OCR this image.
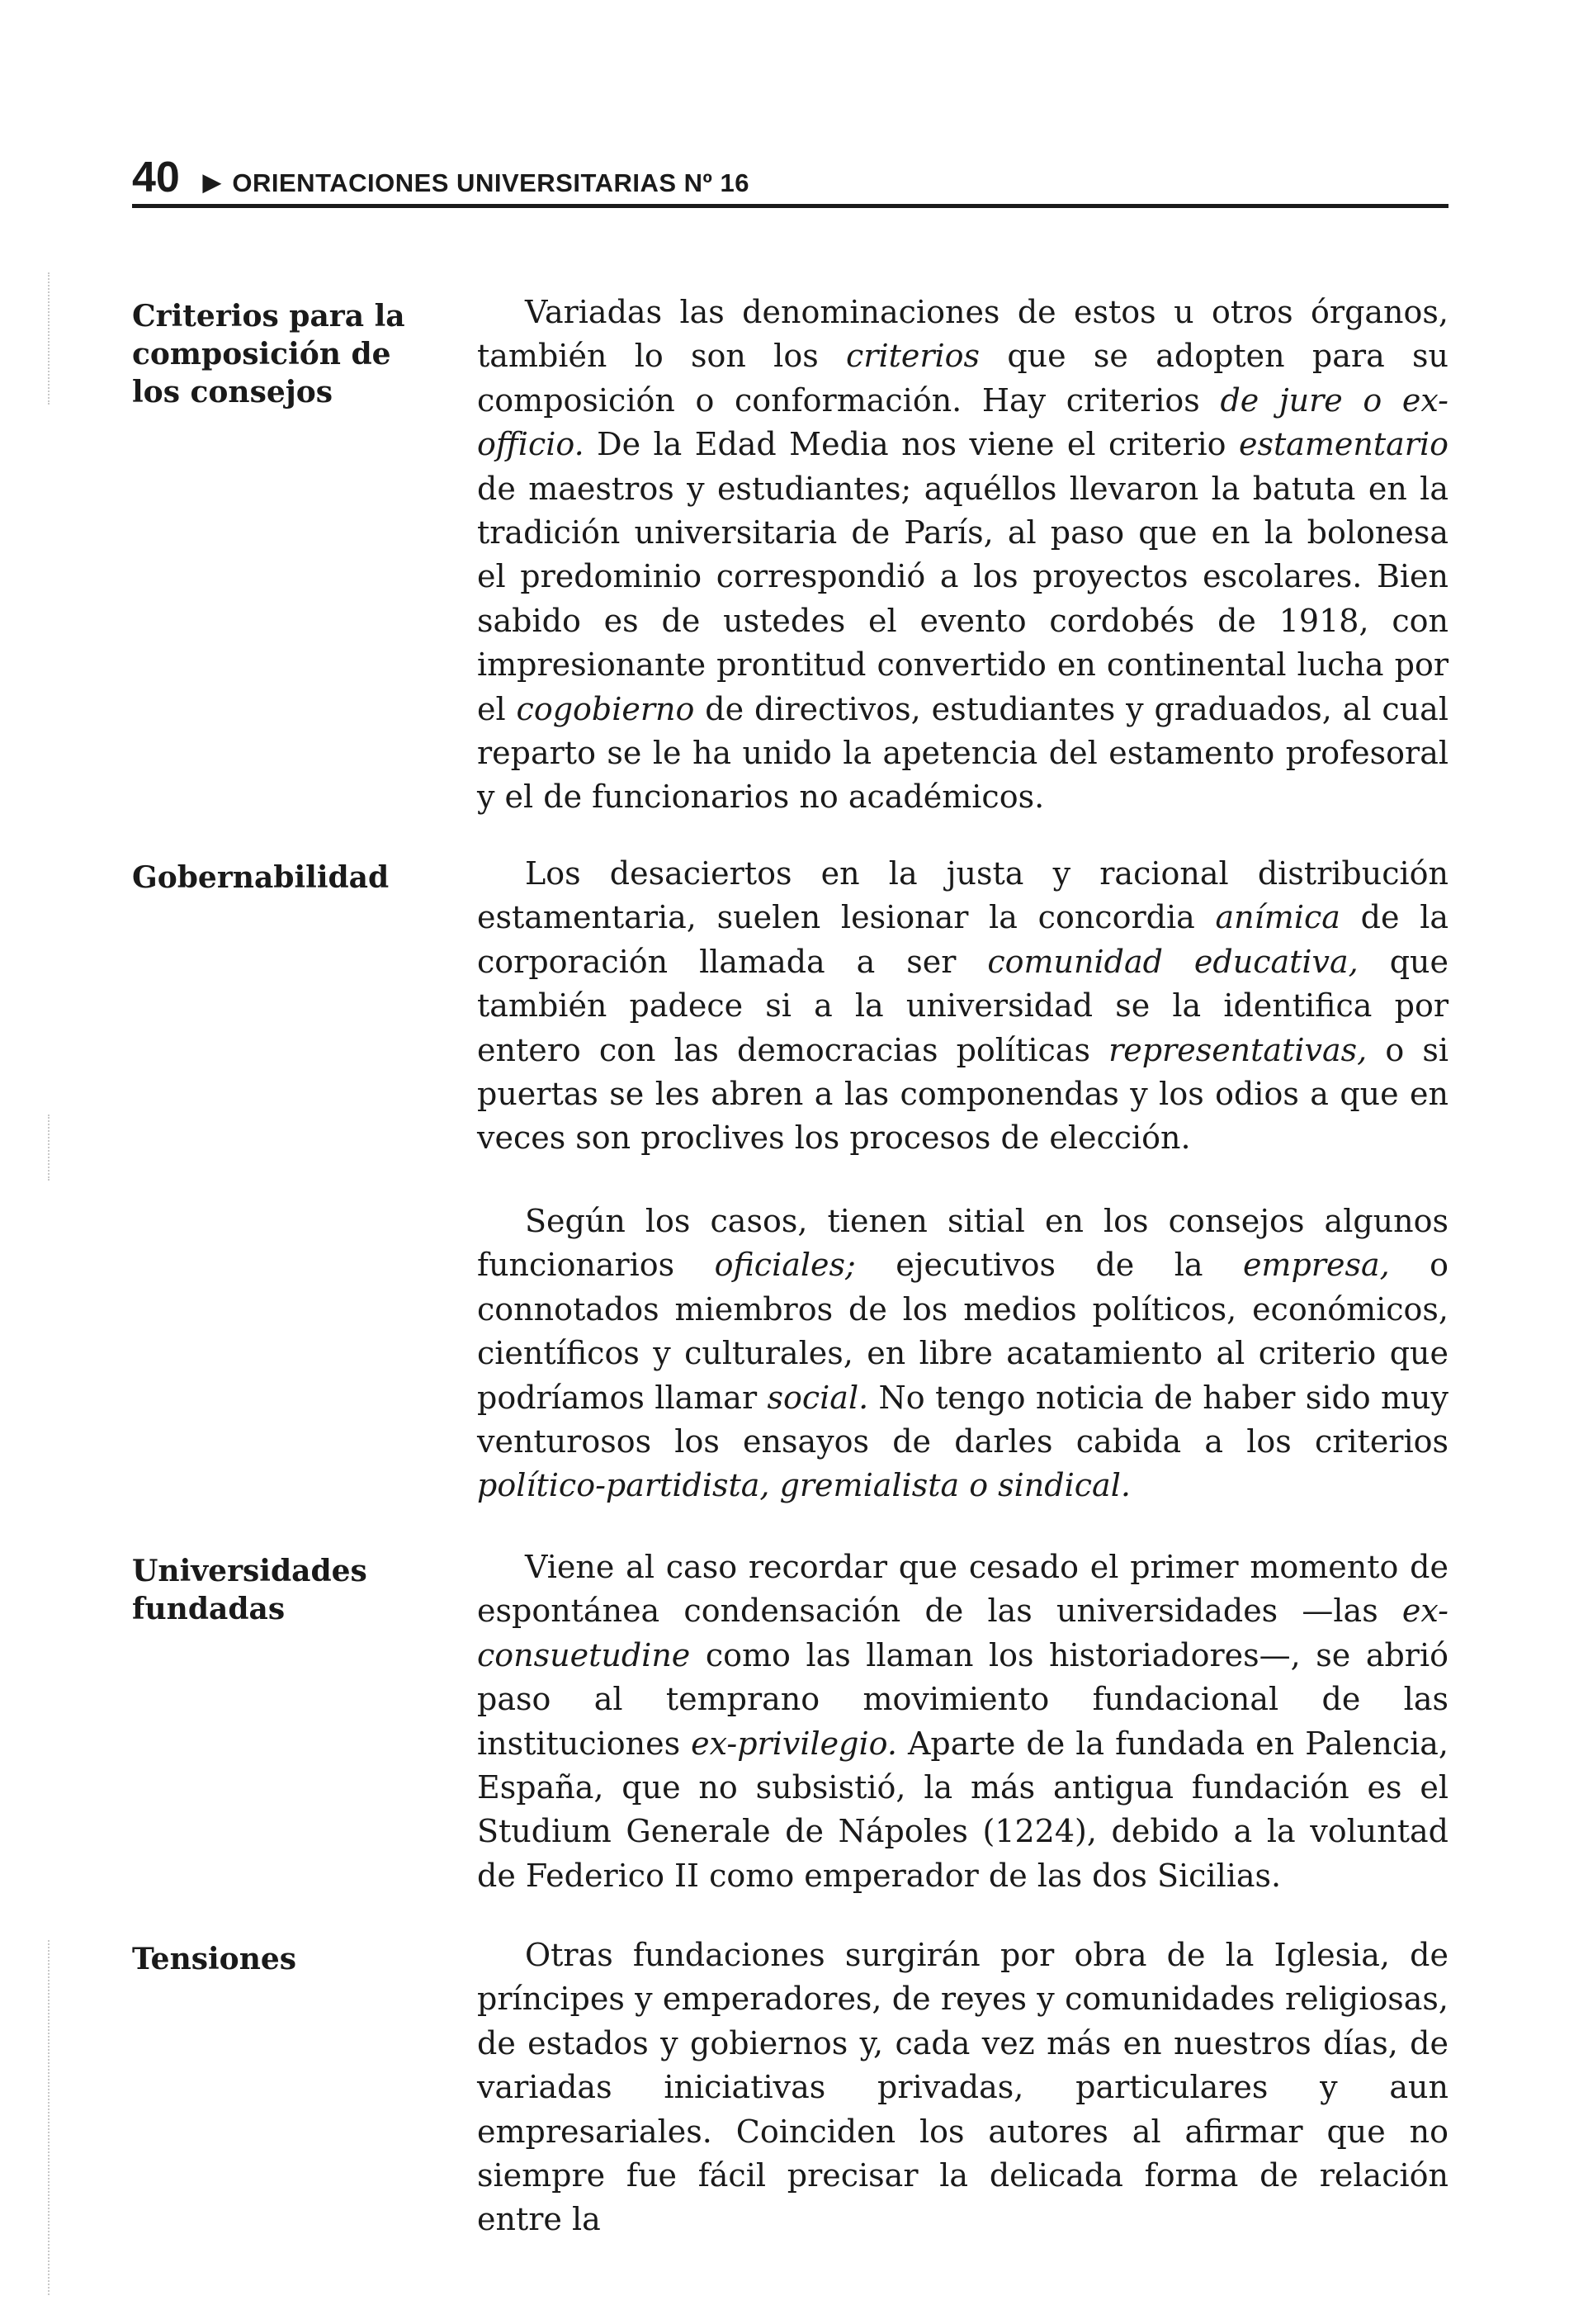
40 ▶ ORIENTACIONES UNIVERSITARIAS Nº 16
Criterios para la composición de los consejos

Variadas las denominaciones de estos u otros órganos, también lo son los criterios que se adopten para su composición o conformación. Hay criterios de jure o ex-officio. De la Edad Media nos viene el criterio estamentario de maestros y estudiantes; aquéllos llevaron la batuta en la tradición universitaria de París, al paso que en la bolonesa el predominio correspondió a los proyectos escolares. Bien sabido es de ustedes el evento cordobés de 1918, con impresionante prontitud convertido en continental lucha por el cogobierno de directivos, estudiantes y graduados, al cual reparto se le ha unido la apetencia del estamento profesoral y el de funcionarios no académicos.

Gobernabilidad	Los desaciertos en la justa y racional distribución estamentaria, suelen lesionar la concordia anímica de la corporación llamada a ser comunidad educativa, que también padece si a la universidad se la identifica por entero con las democracias políticas representativas, o si puertas se les abren a las componendas y los odios a que en veces son proclives los procesos de elección.

Según los casos, tienen sitial en los consejos algunos funcionarios oficiales; ejecutivos de la empresa, o connotados miembros de los medios políticos, económicos, científicos y culturales, en libre acatamiento al criterio que podríamos llamar social. No tengo noticia de haber sido muy venturosos los ensayos de darles cabida a los criterios político-partidista, gremialista o sindical.

Universidades fundadas

Viene al caso recordar que cesado el primer momento de espontánea condensación de las universidades —las ex-consuetudine como las llaman los historiadores—, se abrió paso al temprano movimiento fundacional de las instituciones ex-privilegio. Aparte de la fundada en Palencia, España, que no subsistió, la más antigua fundación es el Studium Generale de Nápoles (1224), debido a la voluntad de Federico II como emperador de las dos Sicilias.

Tensiones	Otras fundaciones surgirán por obra de la Iglesia, de príncipes y emperadores, de reyes y comunidades religiosas, de estados y gobiernos y, cada vez más en nuestros días, de variadas iniciativas privadas, particulares y aun empresariales. Coinciden los autores al afirmar que no siempre fue fácil precisar la delicada forma de relación entre la
